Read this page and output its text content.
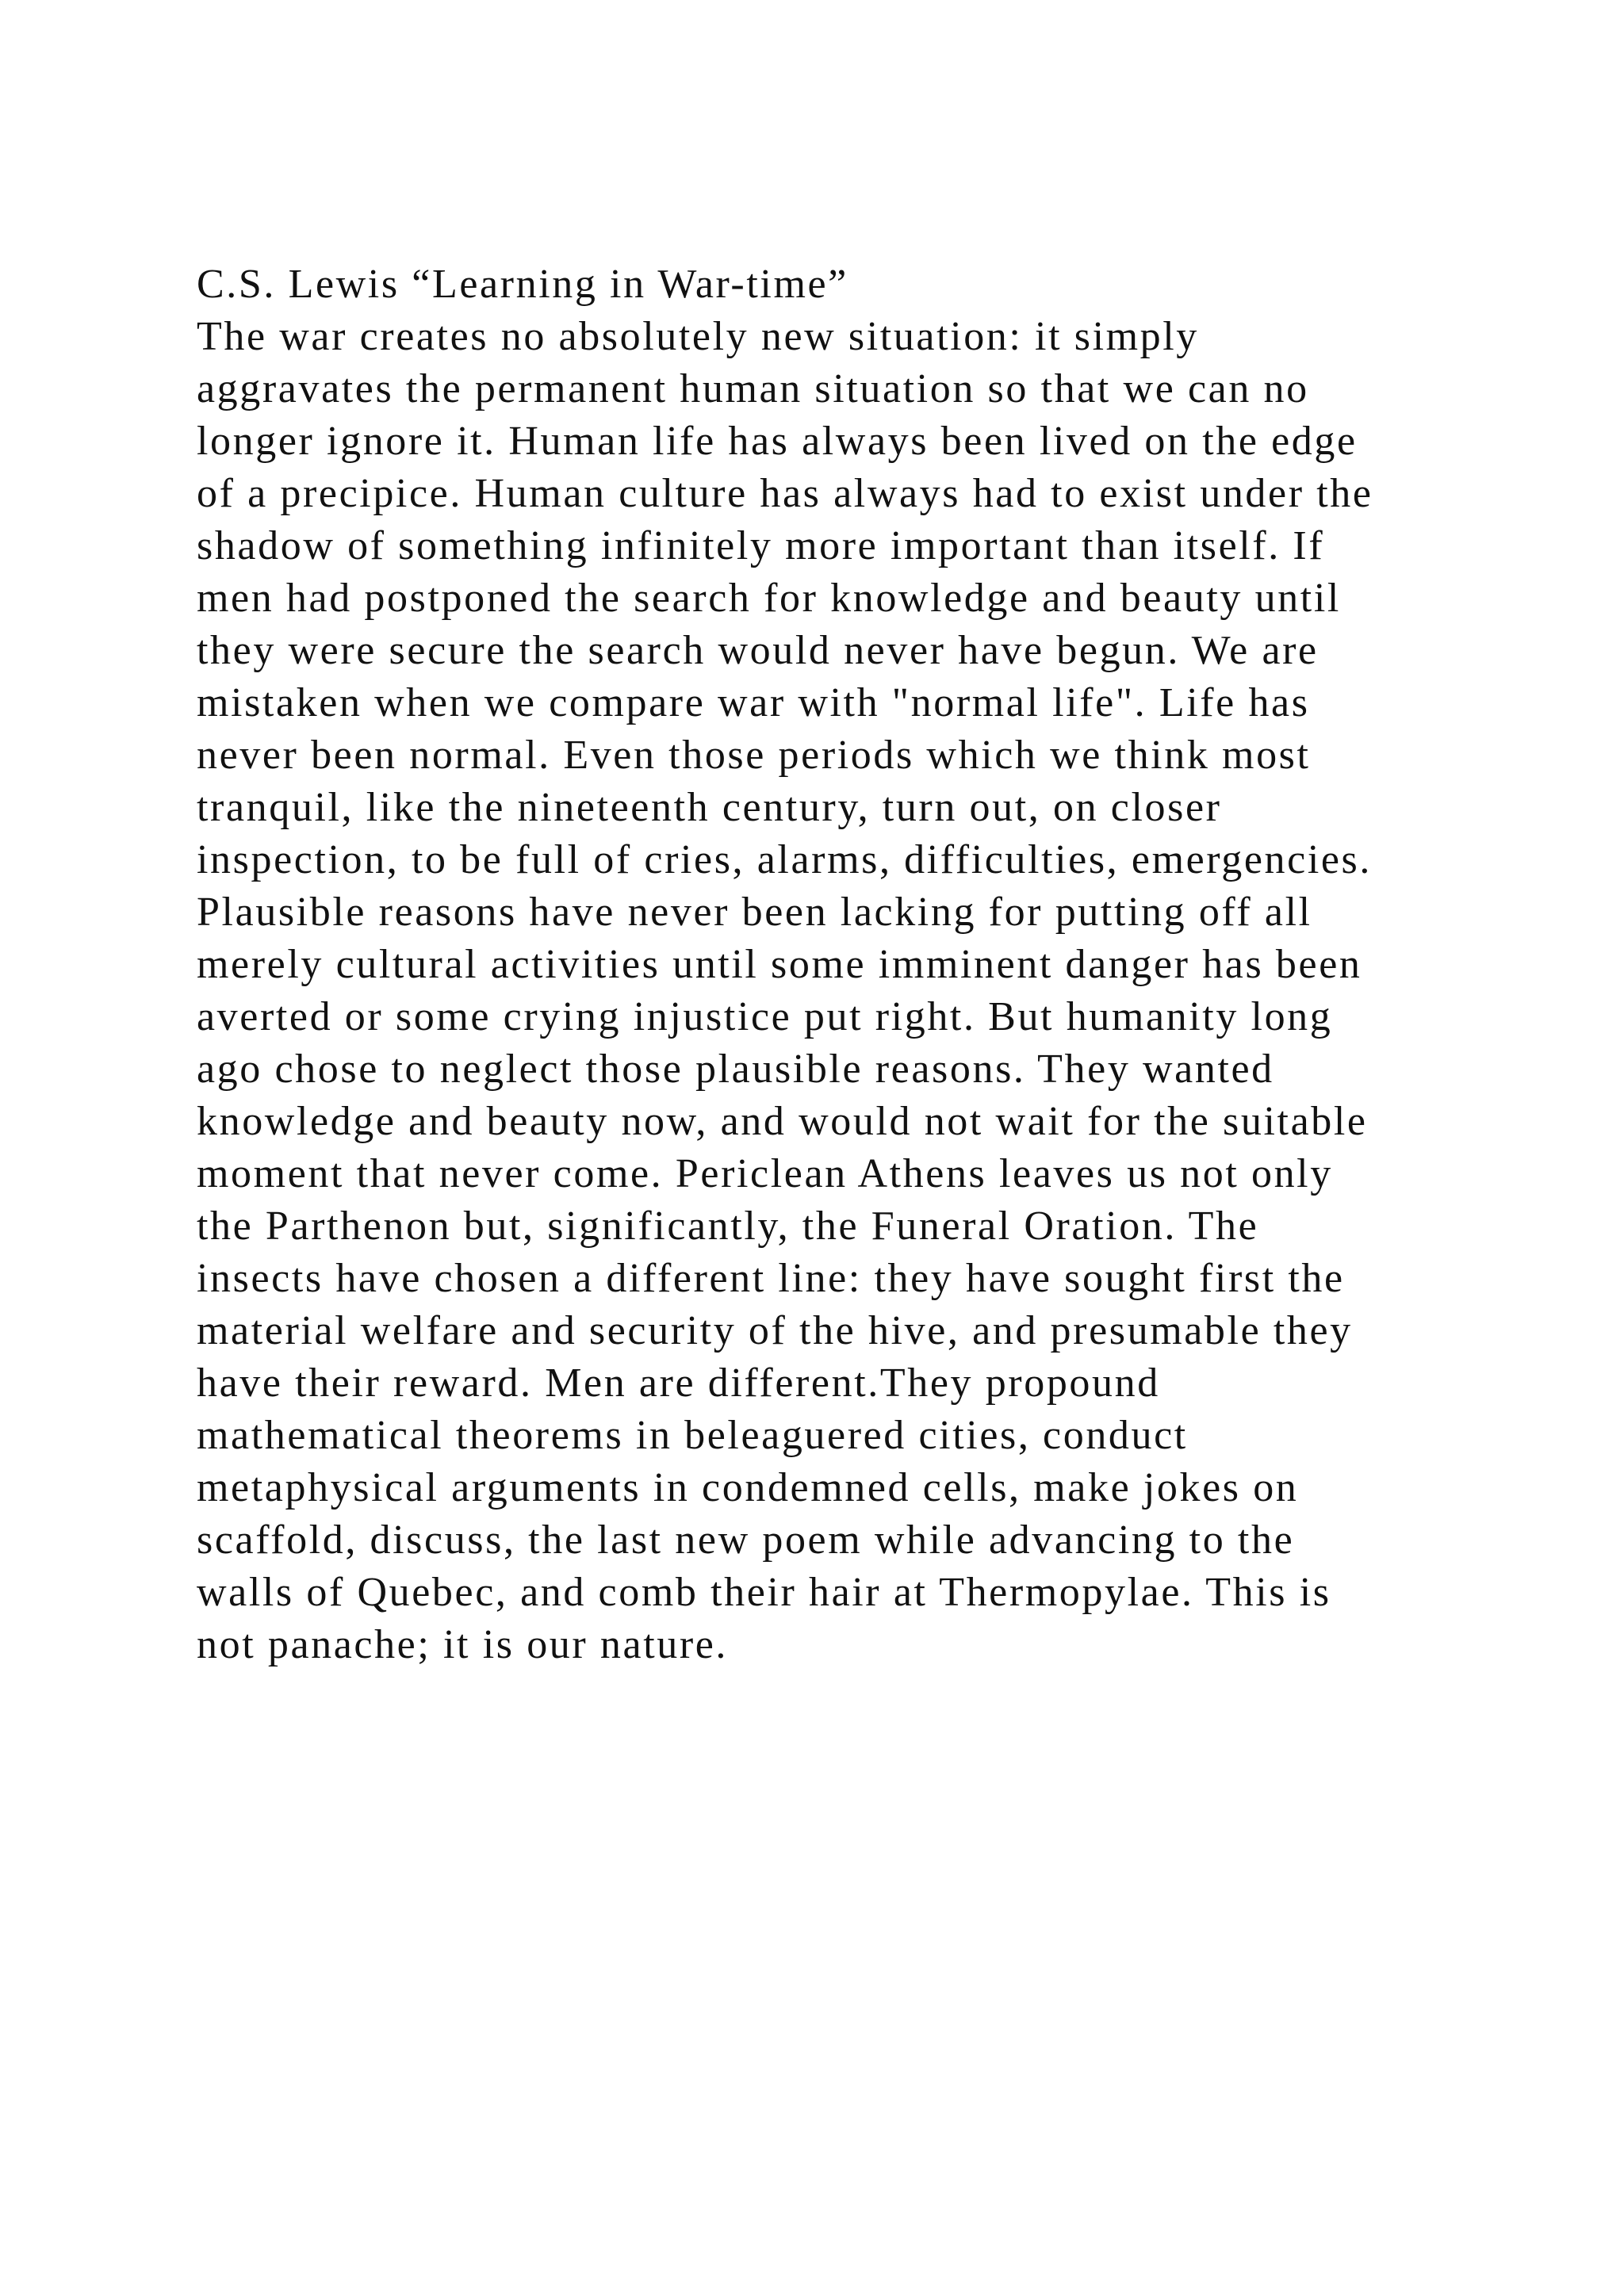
C.S. Lewis “Learning in War-time”
The war creates no absolutely new situation: it simply
aggravates the permanent human situation so that we can no
longer ignore it. Human life has always been lived on the edge
of a precipice. Human culture has always had to exist under the
shadow of something infinitely more important than itself. If
men had postponed the search for knowledge and beauty until
they were secure the search would never have begun. We are
mistaken when we compare war with "normal life". Life has
never been normal. Even those periods which we think most
tranquil, like the nineteenth century, turn out, on closer
inspection, to be full of cries, alarms, difficulties, emergencies.
Plausible reasons have never been lacking for putting off all
merely cultural activities until some imminent danger has been
averted or some crying injustice put right. But humanity long
ago chose to neglect those plausible reasons. They wanted
knowledge and beauty now, and would not wait for the suitable
moment that never come. Periclean Athens leaves us not only
the Parthenon but, significantly, the Funeral Oration. The
insects have chosen a different line: they have sought first the
material welfare and security of the hive, and presumable they
have their reward. Men are different.They propound
mathematical theorems in beleaguered cities, conduct
metaphysical arguments in condemned cells, make jokes on
scaffold, discuss, the last new poem while advancing to the
walls of Quebec, and comb their hair at Thermopylae. This is
not panache; it is our nature.
